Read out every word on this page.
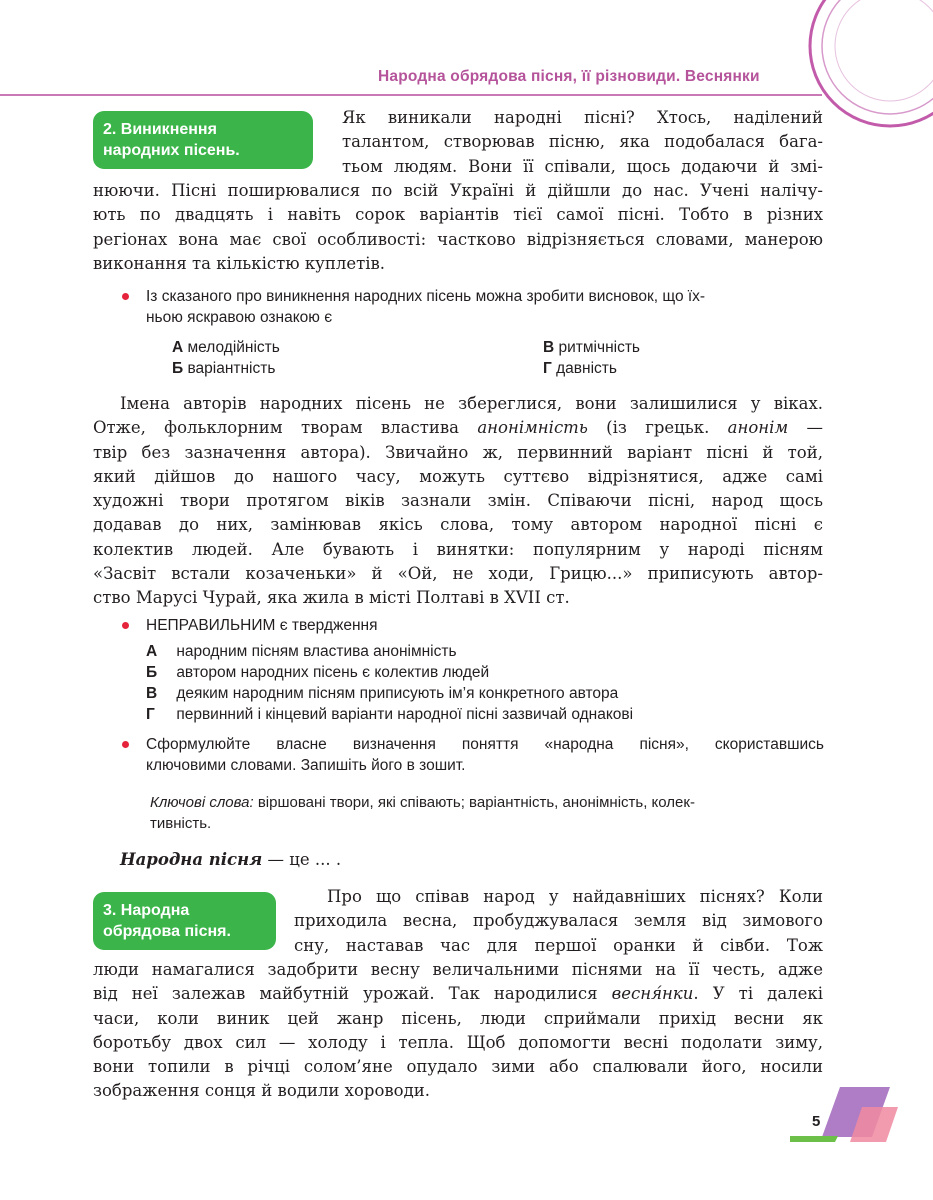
Народна обрядова пісня, її різновиди. Веснянки
2. Виникнення
народних пісень.
Як виникали народні пісні? Хтось, наділений
талантом, створював пісню, яка подобалася бага-
тьом людям. Вони її співали, щось додаючи й змі-
нюючи. Пісні поширювалися по всій Україні й дійшли до нас. Учені налічу-
ють по двадцять і навіть сорок варіантів тієї самої пісні. Тобто в різних
регіонах вона має свої особливості: частково відрізняється словами, манерою
виконання та кількістю куплетів.
Із сказаного про виникнення народних пісень можна зробити висновок, що їх-
ньою яскравою ознакою є
А мелодійність
Б варіантність
В ритмічність
Г давність
Імена авторів народних пісень не збереглися, вони залишилися у віках.
Отже, фольклорним творам властива анонімність (із грецьк. анонім —
твір без зазначення автора). Звичайно ж, первинний варіант пісні й той,
який дійшов до нашого часу, можуть суттєво відрізнятися, адже самі
художні твори протягом віків зазнали змін. Співаючи пісні, народ щось
додавав до них, замінював якісь слова, тому автором народної пісні є
колектив людей. Але бувають і винятки: популярним у народі пісням
«Засвіт встали козаченьки» й «Ой, не ходи, Грицю...» приписують автор-
ство Марусі Чурай, яка жила в місті Полтаві в XVII ст.
НЕПРАВИЛЬНИМ є твердження
А народним пісням властива анонімність
Б автором народних пісень є колектив людей
В деяким народним пісням приписують ім’я конкретного автора
Г первинний і кінцевий варіанти народної пісні зазвичай однакові
Сформулюйте власне визначення поняття «народна пісня», скориставшись
ключовими словами. Запишіть його в зошит.
Ключові слова: віршовані твори, які співають; варіантність, анонімність, колек-
тивність.
Народна пісня — це ... .
3. Народна
обрядова пісня.
Про що співав народ у найдавніших піснях? Коли
приходила весна, пробуджувалася земля від зимового
сну, наставав час для першої оранки й сівби. Тож
люди намагалися задобрити весну величальними піснями на її честь, адже
від неї залежав майбутній урожай. Так народилися весня́нки. У ті далекі
часи, коли виник цей жанр пісень, люди сприймали прихід весни як
боротьбу двох сил — холоду і тепла. Щоб допомогти весні подолати зиму,
вони топили в річці солом’яне опудало зими або спалювали його, носили
зображення сонця й водили хороводи.
5
